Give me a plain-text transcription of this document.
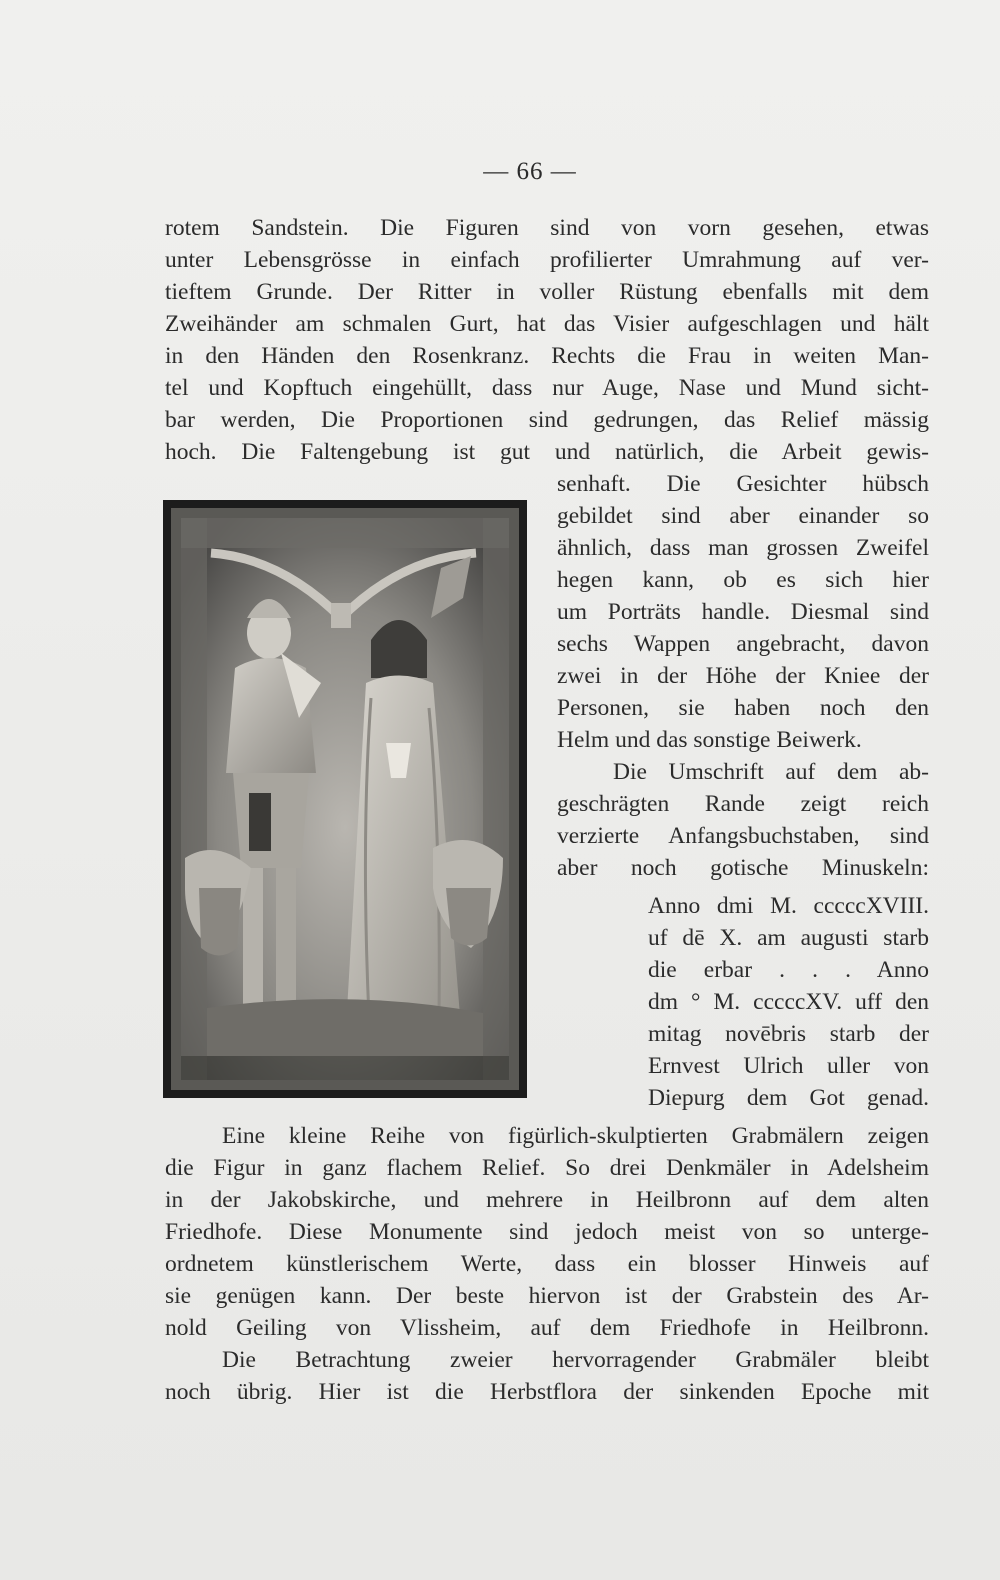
— 66 —
rotem Sandstein. Die Figuren sind von vorn gesehen, etwas
unter Lebensgrösse in einfach profilierter Umrahmung auf ver-
tieftem Grunde. Der Ritter in voller Rüstung ebenfalls mit dem
Zweihänder am schmalen Gurt, hat das Visier aufgeschlagen und hält
in den Händen den Rosenkranz. Rechts die Frau in weiten Man-
tel und Kopftuch eingehüllt, dass nur Auge, Nase und Mund sicht-
bar werden, Die Proportionen sind gedrungen, das Relief mässig
hoch. Die Faltengebung ist gut und natürlich, die Arbeit gewis-
senhaft. Die Gesichter hübsch
gebildet sind aber einander so
ähnlich, dass man grossen Zweifel
hegen kann, ob es sich hier
um Porträts handle. Diesmal sind
sechs Wappen angebracht, davon
zwei in der Höhe der Kniee der
Personen, sie haben noch den
Helm und das sonstige Beiwerk.
Die Umschrift auf dem ab-
geschrägten Rande zeigt reich
verzierte Anfangsbuchstaben, sind
aber noch gotische Minuskeln:
Anno dmi M. cccccXVIII.
uf dē X. am augusti starb
die erbar . . . Anno
dm ° M. cccccXV. uff den
mitag novēbris starb der
Ernvest Ulrich uller von
Diepurg dem Got genad.
Eine kleine Reihe von figürlich-skulptierten Grabmälern zeigen
die Figur in ganz flachem Relief. So drei Denkmäler in Adelsheim
in der Jakobskirche, und mehrere in Heilbronn auf dem alten
Friedhofe. Diese Monumente sind jedoch meist von so unterge-
ordnetem künstlerischem Werte, dass ein blosser Hinweis auf
sie genügen kann. Der beste hiervon ist der Grabstein des Ar-
nold Geiling von Vlissheim, auf dem Friedhofe in Heilbronn.
Die Betrachtung zweier hervorragender Grabmäler bleibt
noch übrig. Hier ist die Herbstflora der sinkenden Epoche mit
